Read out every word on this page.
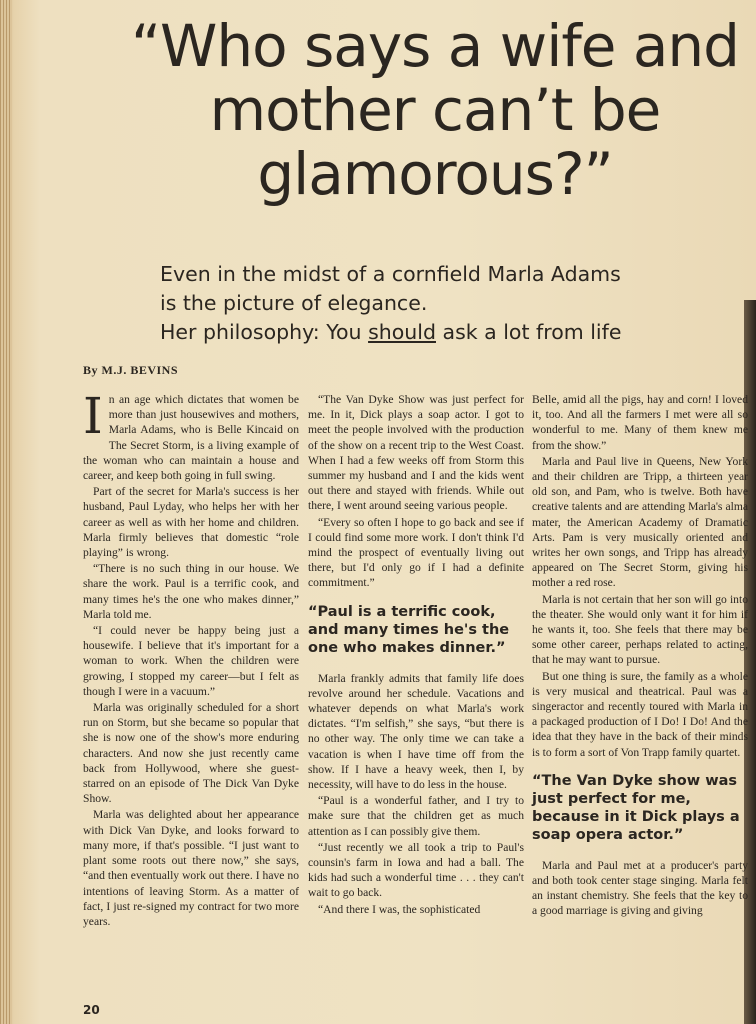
“Who says a wife and mother can’t be glamorous?”
Even in the midst of a cornfield Marla Adams
is the picture of elegance.
Her philosophy: You should ask a lot from life
By M.J. BEVINS

In an age which dictates that women be more than just housewives and mothers, Marla Adams, who is Belle Kincaid on The Secret Storm, is a living example of the woman who can maintain a house and career, and keep both going in full swing.

Part of the secret for Marla's success is her husband, Paul Lyday, who helps her with her career as well as with her home and children. Marla firmly believes that domestic “role playing” is wrong.

“There is no such thing in our house. We share the work. Paul is a terrific cook, and many times he's the one who makes dinner,” Marla told me.

“I could never be happy being just a housewife. I believe that it's important for a woman to work. When the children were growing, I stopped my career—but I felt as though I were in a vacuum.”

Marla was originally scheduled for a short run on Storm, but she became so popular that she is now one of the show's more enduring characters. And now she just recently came back from Hollywood, where she guest-starred on an episode of The Dick Van Dyke Show.

Marla was delighted about her appearance with Dick Van Dyke, and looks forward to many more, if that's possible. “I just want to plant some roots out there now,” she says, “and then eventually work out there. I have no intentions of leaving Storm. As a matter of fact, I just re-signed my contract for two more years.

“The Van Dyke Show was just perfect for me. In it, Dick plays a soap actor. I got to meet the people involved with the production of the show on a recent trip to the West Coast. When I had a few weeks off from Storm this summer my husband and I and the kids went out there and stayed with friends. While out there, I went around seeing various people.

“Every so often I hope to go back and see if I could find some more work. I don't think I'd mind the prospect of eventually living out there, but I'd only go if I had a definite commitment.”

“Paul is a terrific cook, and many times he's the one who makes dinner.”

Marla frankly admits that family life does revolve around her schedule. Vacations and whatever depends on what Marla's work dictates. “I'm selfish,” she says, “but there is no other way. The only time we can take a vacation is when I have time off from the show. If I have a heavy week, then I, by necessity, will have to do less in the house.

“Paul is a wonderful father, and I try to make sure that the children get as much attention as I can possibly give them.

“Just recently we all took a trip to Paul's counsin's farm in Iowa and had a ball. The kids had such a wonderful time . . . they can't wait to go back.

“And there I was, the sophisticated

Belle, amid all the pigs, hay and corn! I loved it, too. And all the farmers I met were all so wonderful to me. Many of them knew me from the show.”

Marla and Paul live in Queens, New York and their children are Tripp, a thirteen year old son, and Pam, who is twelve. Both have creative talents and are attending Marla's alma mater, the American Academy of Dramatic Arts. Pam is very musically oriented and writes her own songs, and Tripp has already appeared on The Secret Storm, giving his mother a red rose.

Marla is not certain that her son will go into the theater. She would only want it for him if he wants it, too. She feels that there may be some other career, perhaps related to acting, that he may want to pursue.

But one thing is sure, the family as a whole is very musical and theatrical. Paul was a singeractor and recently toured with Marla in a packaged production of I Do! I Do! And the idea that they have in the back of their minds is to form a sort of Von Trapp family quartet.

“The Van Dyke show was just perfect for me, because in it Dick plays a soap opera actor.”

Marla and Paul met at a producer's party and both took center stage singing. Marla felt an instant chemistry. She feels that the key to a good marriage is giving and giving

20
